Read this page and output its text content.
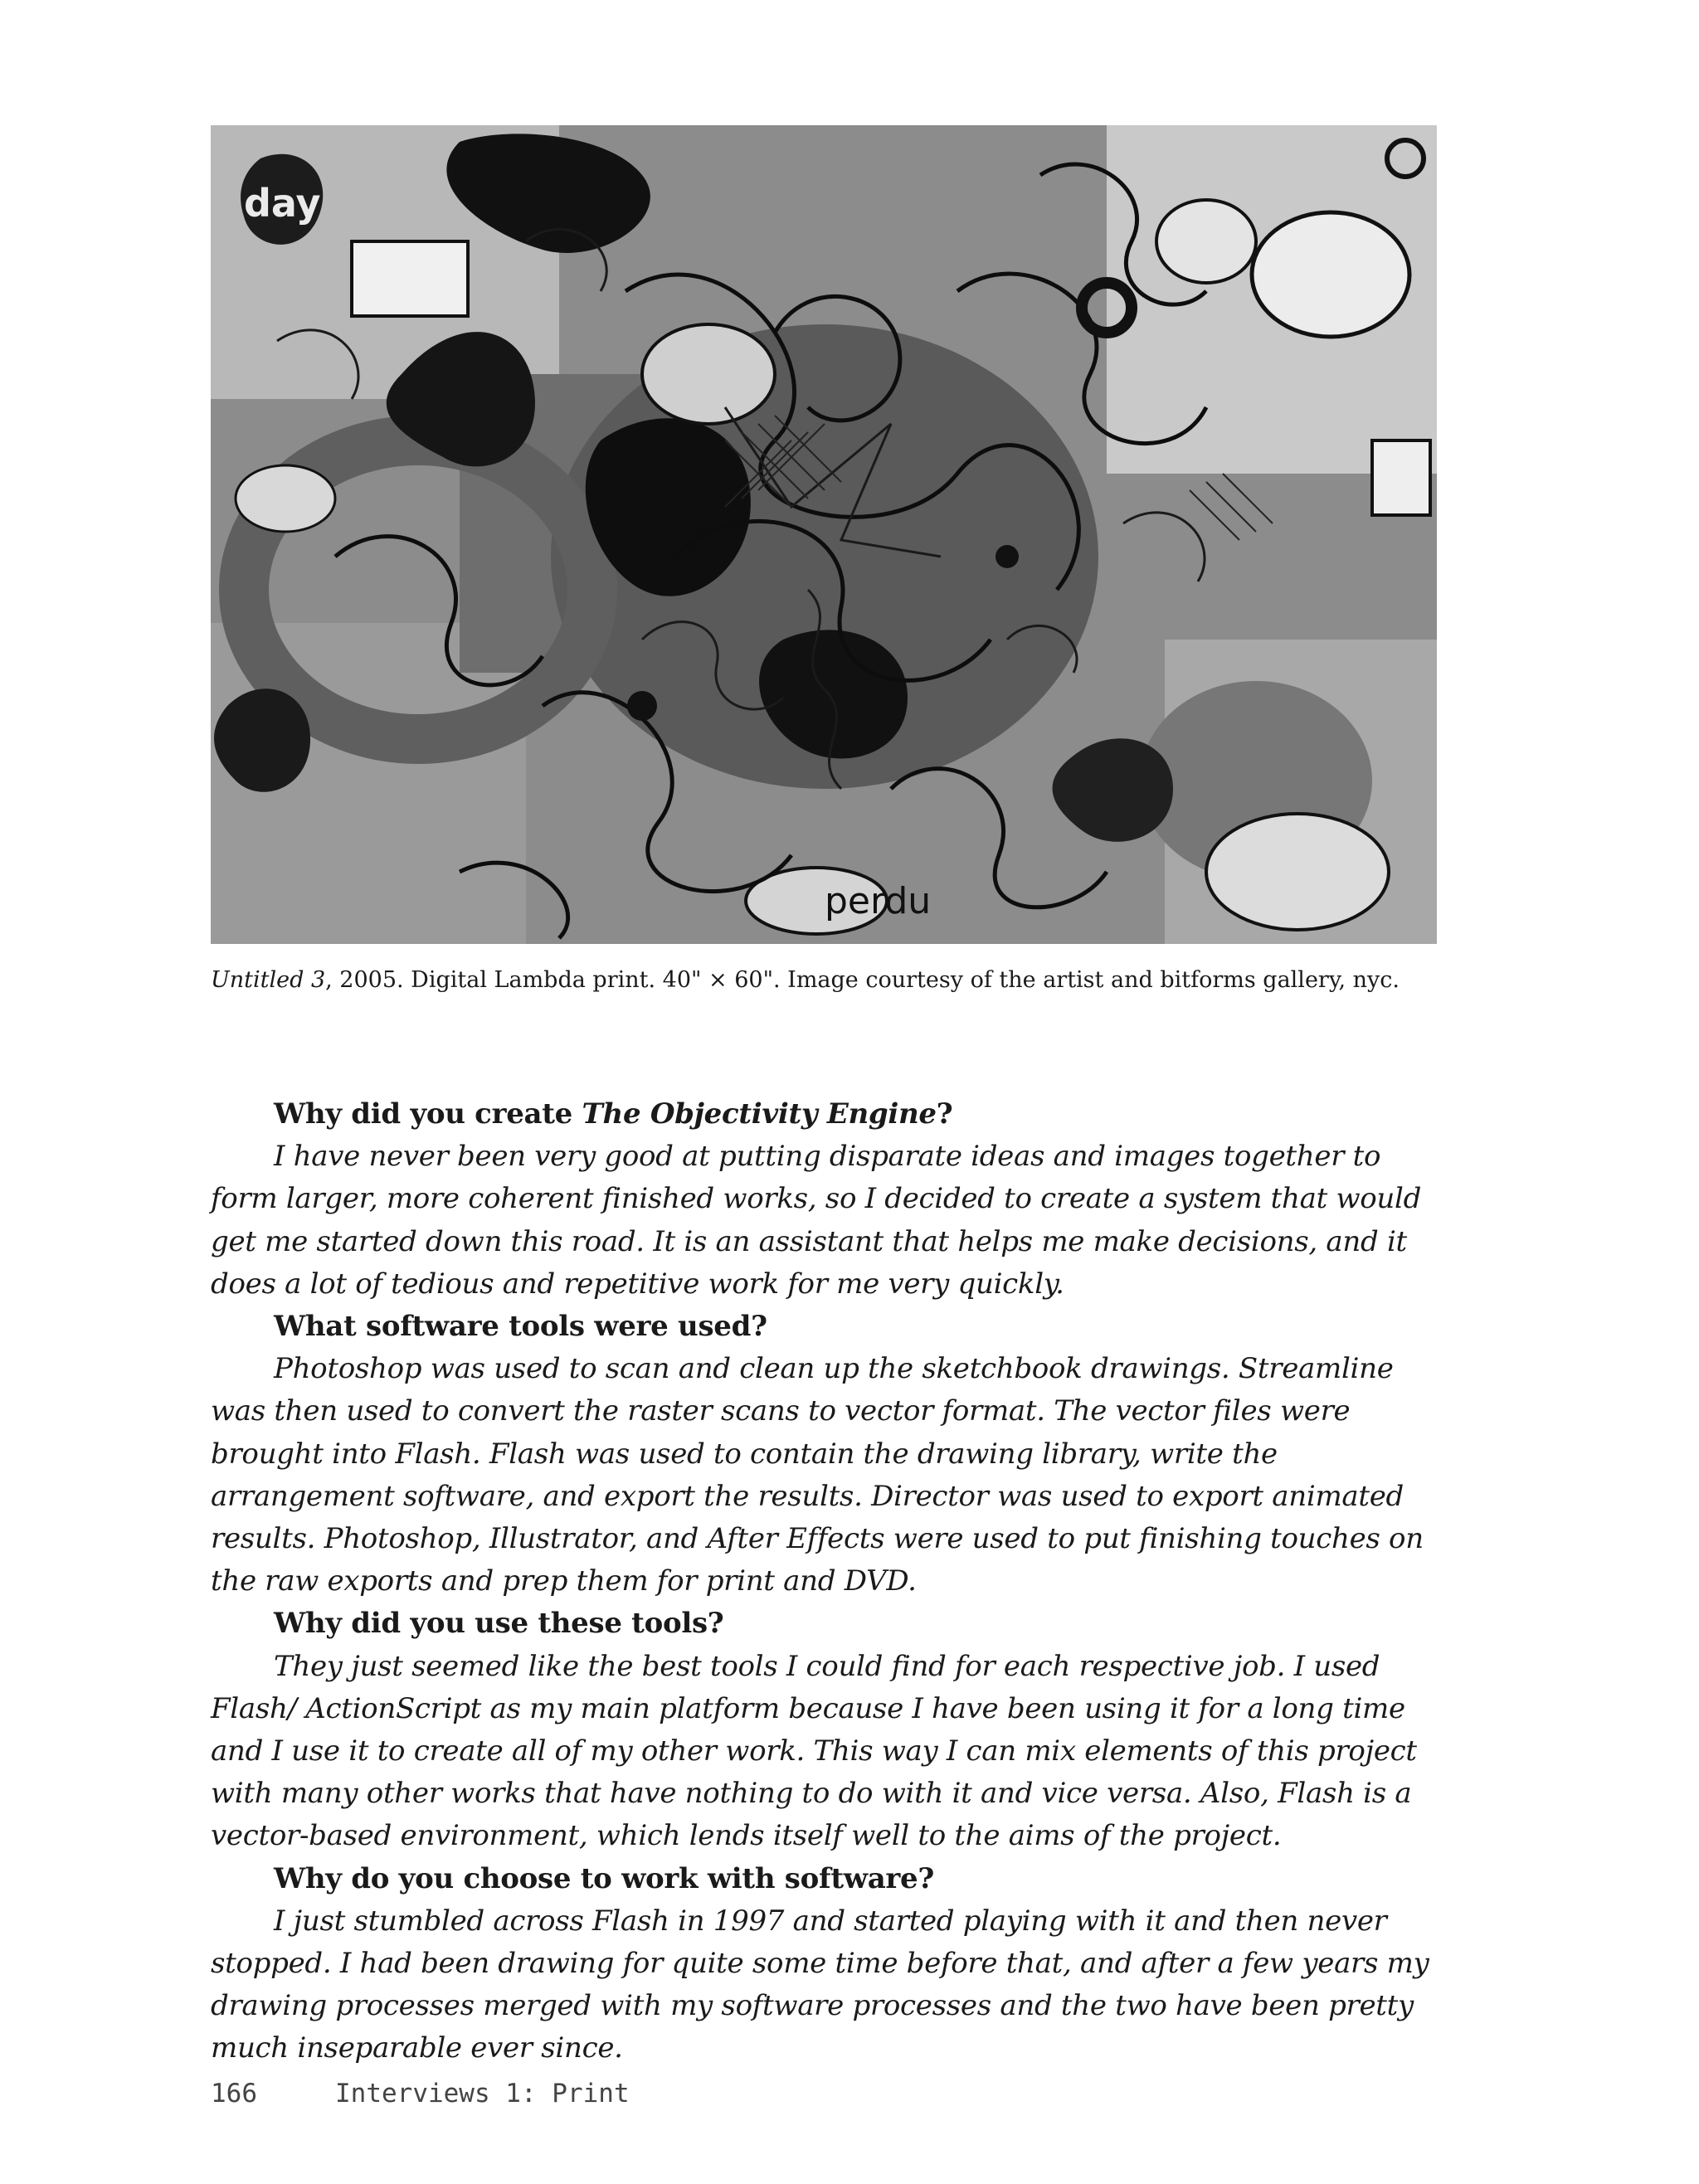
perdu
day
Untitled 3, 2005. Digital Lambda print. 40" × 60". Image courtesy of the artist and bitforms gallery, nyc.

Why did you create The Objectivity Engine?

I have never been very good at putting disparate ideas and images together to form larger, more coherent finished works, so I decided to create a system that would get me started down this road. It is an assistant that helps me make decisions, and it does a lot of tedious and repetitive work for me very quickly.

What software tools were used?

Photoshop was used to scan and clean up the sketchbook drawings. Streamline was then used to convert the raster scans to vector format. The vector files were brought into Flash. Flash was used to contain the drawing library, write the arrangement software, and export the results. Director was used to export animated results. Photoshop, Illustrator, and After Effects were used to put finishing touches on the raw exports and prep them for print and DVD.

Why did you use these tools?

They just seemed like the best tools I could find for each respective job. I used Flash/ ActionScript as my main platform because I have been using it for a long time and I use it to create all of my other work. This way I can mix elements of this project with many other works that have nothing to do with it and vice versa. Also, Flash is a vector-based environment, which lends itself well to the aims of the project.

Why do you choose to work with software?

I just stumbled across Flash in 1997 and started playing with it and then never stopped. I had been drawing for quite some time before that, and after a few years my drawing processes merged with my software processes and the two have been pretty much inseparable ever since.

166	Interviews 1: Print
